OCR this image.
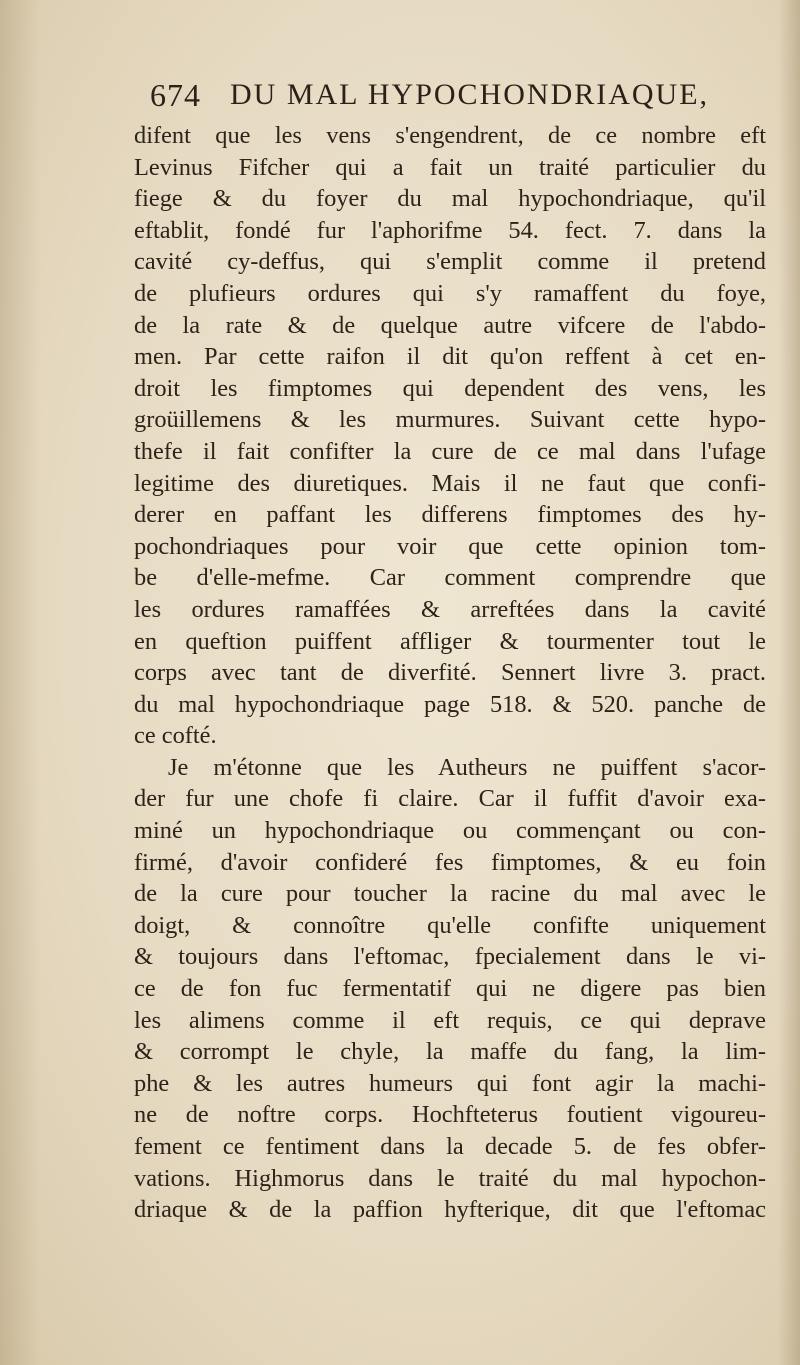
674 DU MAL HYPOCHONDRIAQUE,
difent que les vens s'engendrent, de ce nombre eft
Levinus Fifcher qui a fait un traité particulier du
fiege & du foyer du mal hypochondriaque, qu'il
eftablit, fondé fur l'aphorifme 54. fect. 7. dans la
cavité cy-deffus, qui s'emplit comme il pretend
de plufieurs ordures qui s'y ramaffent du foye,
de la rate & de quelque autre vifcere de l'abdo-
men. Par cette raifon il dit qu'on reffent à cet en-
droit les fimptomes qui dependent des vens, les
groüillemens & les murmures. Suivant cette hypo-
thefe il fait confifter la cure de ce mal dans l'ufage
legitime des diuretiques. Mais il ne faut que confi-
derer en paffant les differens fimptomes des hy-
pochondriaques pour voir que cette opinion tom-
be d'elle-mefme. Car comment comprendre que
les ordures ramaffées & arreftées dans la cavité
en queftion puiffent affliger & tourmenter tout le
corps avec tant de diverfité. Sennert livre 3. pract.
du mal hypochondriaque page 518. & 520. panche de
ce cofté.
Je m'étonne que les Autheurs ne puiffent s'acor-
der fur une chofe fi claire. Car il fuffit d'avoir exa-
miné un hypochondriaque ou commençant ou con-
firmé, d'avoir confideré fes fimptomes, & eu foin
de la cure pour toucher la racine du mal avec le
doigt, & connoître qu'elle confifte uniquement
& toujours dans l'eftomac, fpecialement dans le vi-
ce de fon fuc fermentatif qui ne digere pas bien
les alimens comme il eft requis, ce qui deprave
& corrompt le chyle, la maffe du fang, la lim-
phe & les autres humeurs qui font agir la machi-
ne de noftre corps. Hochfteterus foutient vigoureu-
fement ce fentiment dans la decade 5. de fes obfer-
vations. Highmorus dans le traité du mal hypochon-
driaque & de la paffion hyfterique, dit que l'eftomac
